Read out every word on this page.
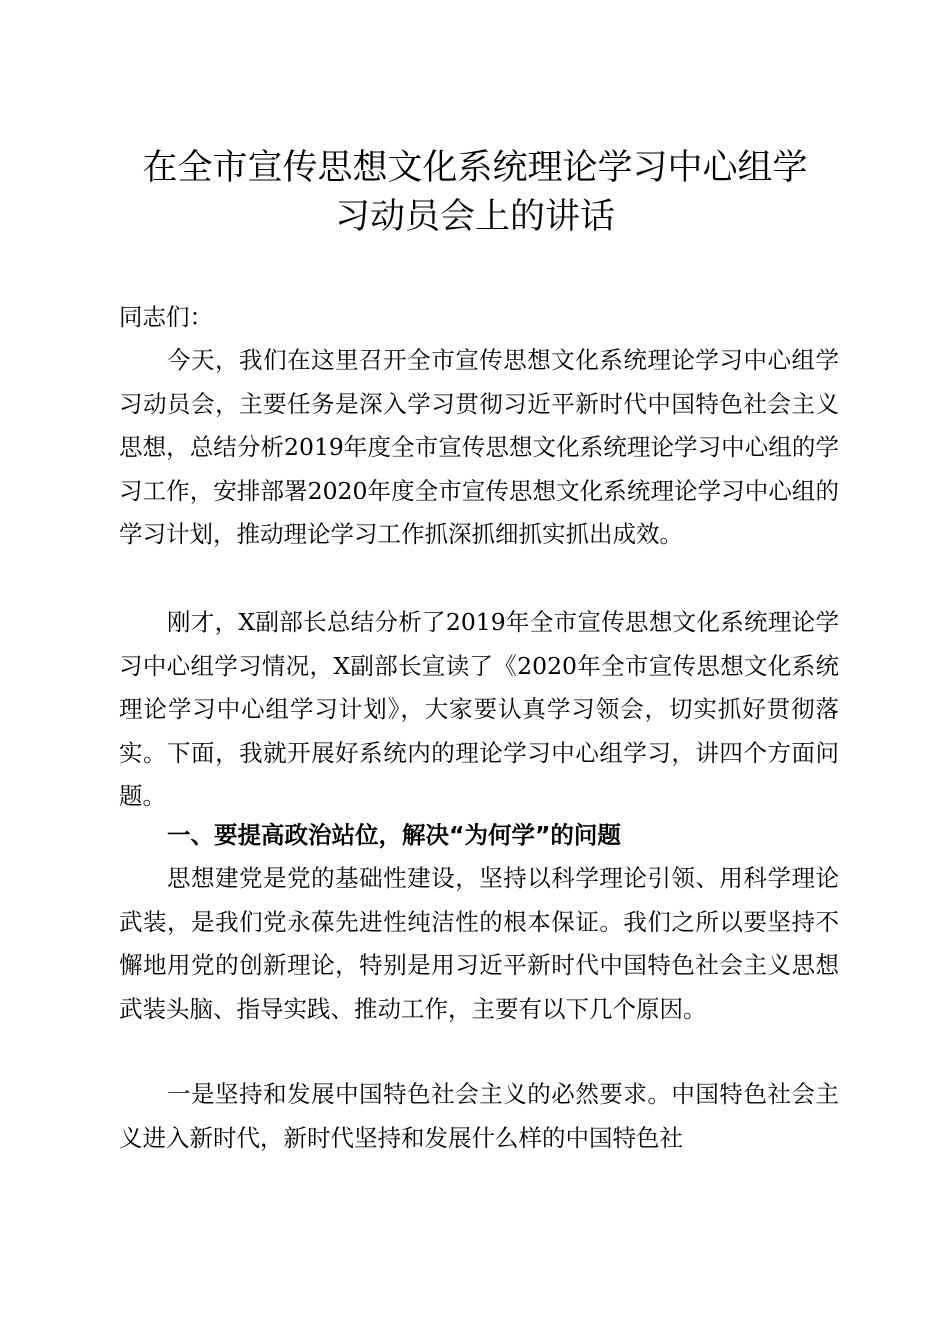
在全市宣传思想文化系统理论学习中心组学
习动员会上的讲话

同志们：

今天，我们在这里召开全市宣传思想文化系统理论学习中心组学习动员会，主要任务是深入学习贯彻习近平新时代中国特色社会主义思想，总结分析2019年度全市宣传思想文化系统理论学习中心组的学习工作，安排部署2020年度全市宣传思想文化系统理论学习中心组的学习计划，推动理论学习工作抓深抓细抓实抓出成效。

刚才，X副部长总结分析了2019年全市宣传思想文化系统理论学习中心组学习情况，X副部长宣读了《2020年全市宣传思想文化系统理论学习中心组学习计划》，大家要认真学习领会，切实抓好贯彻落实。下面，我就开展好系统内的理论学习中心组学习，讲四个方面问题。

一、要提高政治站位，解决“为何学”的问题

思想建党是党的基础性建设，坚持以科学理论引领、用科学理论武装，是我们党永葆先进性纯洁性的根本保证。我们之所以要坚持不懈地用党的创新理论，特别是用习近平新时代中国特色社会主义思想武装头脑、指导实践、推动工作，主要有以下几个原因。

一是坚持和发展中国特色社会主义的必然要求。中国特色社会主义进入新时代，新时代坚持和发展什么样的中国特色社
